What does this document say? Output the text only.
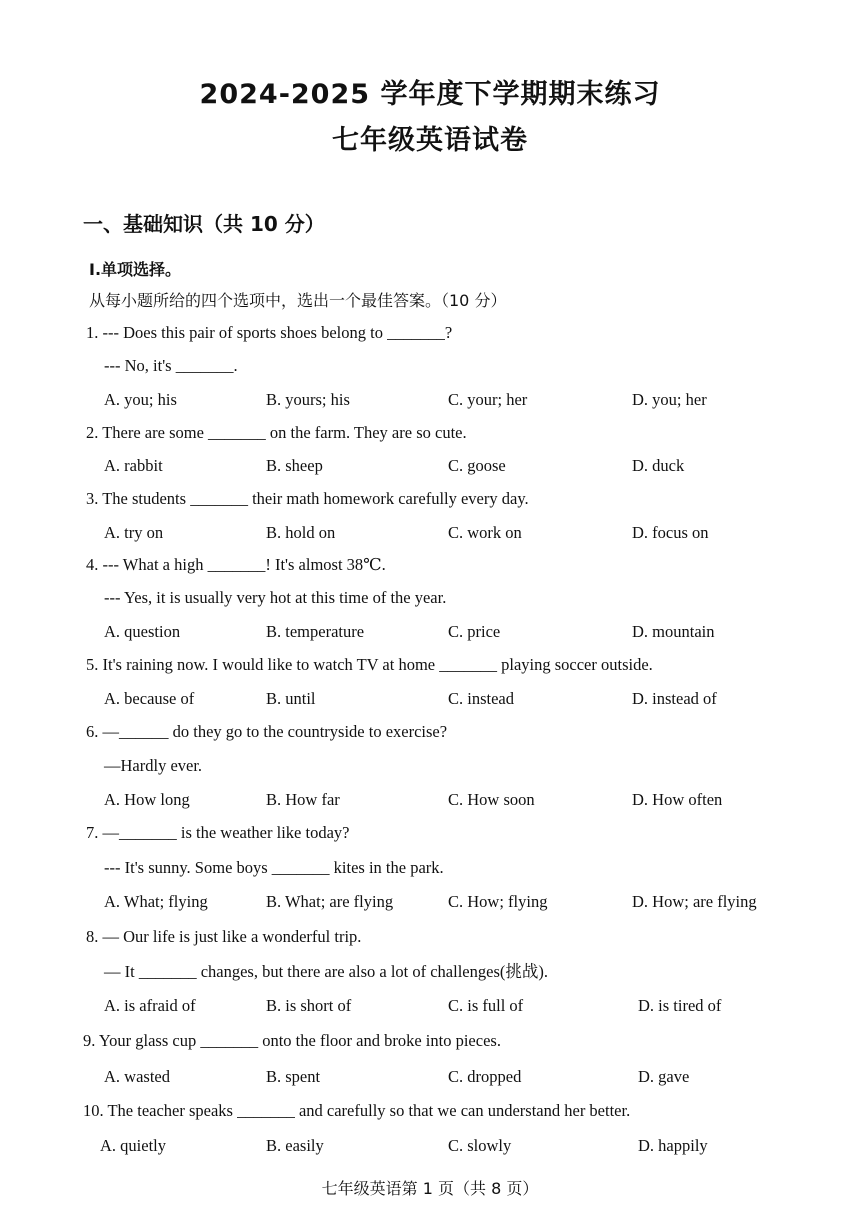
2024-2025 学年度下学期期末练习
七年级英语试卷
一、基础知识（共 10 分）
Ⅰ.单项选择。
从每小题所给的四个选项中，选出一个最佳答案。（10 分）
1. --- Does this pair of sports shoes belong to _______?
--- No, it's _______.
A. you; his	B. yours; his	C. your; her	D. you; her
2. There are some _______ on the farm. They are so cute.
A. rabbit	B. sheep	C. goose	D. duck
3. The students _______ their math homework carefully every day.
A. try on	B. hold on	C. work on	D. focus on
4. --- What a high _______! It's almost 38℃.
--- Yes, it is usually very hot at this time of the year.
A. question	B. temperature	C. price	D. mountain
5. It's raining now. I would like to watch TV at home _______ playing soccer outside.
A. because of	B. until	C. instead	D. instead of
6. —______ do they go to the countryside to exercise?
—Hardly ever.
A. How long	B. How far	C. How soon	D. How often
7. —_______ is the weather like today?
--- It's sunny. Some boys _______ kites in the park.
A. What; flying	B. What; are flying	C. How; flying	D. How; are flying
8. — Our life is just like a wonderful trip.
— It _______ changes, but there are also a lot of challenges(挑战).
A. is afraid of	B. is short of	C. is full of	D. is tired of
9. Your glass cup _______ onto the floor and broke into pieces.
A. wasted	B. spent	C. dropped	D. gave
10. The teacher speaks _______ and carefully so that we can understand her better.
A. quietly	B. easily	C. slowly	D. happily
七年级英语第 1 页（共 8 页）
